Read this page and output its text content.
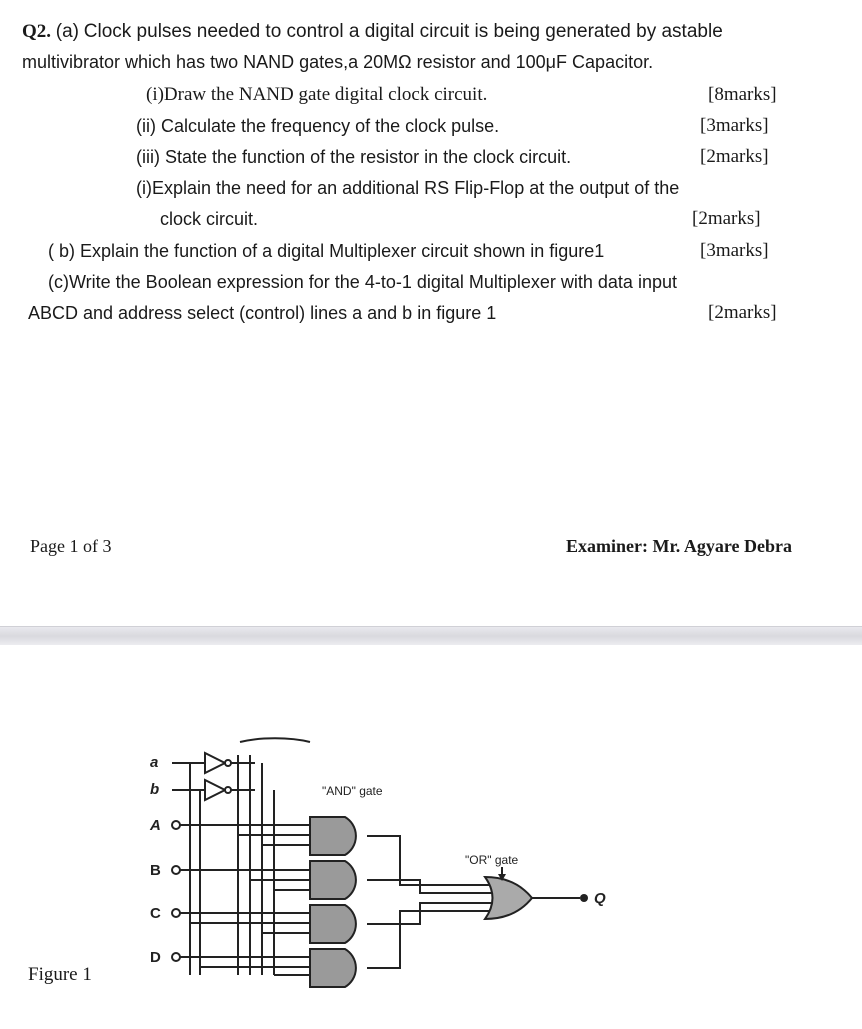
Q2. (a) Clock pulses needed to control a digital circuit is being generated by astable
multivibrator which has two NAND gates,a 20MΩ resistor and 100μF Capacitor.
(i)Draw the NAND gate digital clock circuit.	[8marks]
(ii) Calculate the frequency of the clock pulse.	[3marks]
(iii) State the function of the resistor in the clock circuit.	[2marks]
(i)Explain the need for an additional RS Flip-Flop at the output of the
clock circuit.	[2marks]
( b) Explain the function of a digital Multiplexer circuit shown in figure1	[3marks]
(c)Write the Boolean expression for the 4-to-1 digital Multiplexer with data input
ABCD and address select (control) lines a and b in figure 1	[2marks]
Page 1 of 3	Examiner: Mr. Agyare Debra
a
b
A
B
C
D
"AND" gate
"OR" gate
Q
Figure 1
